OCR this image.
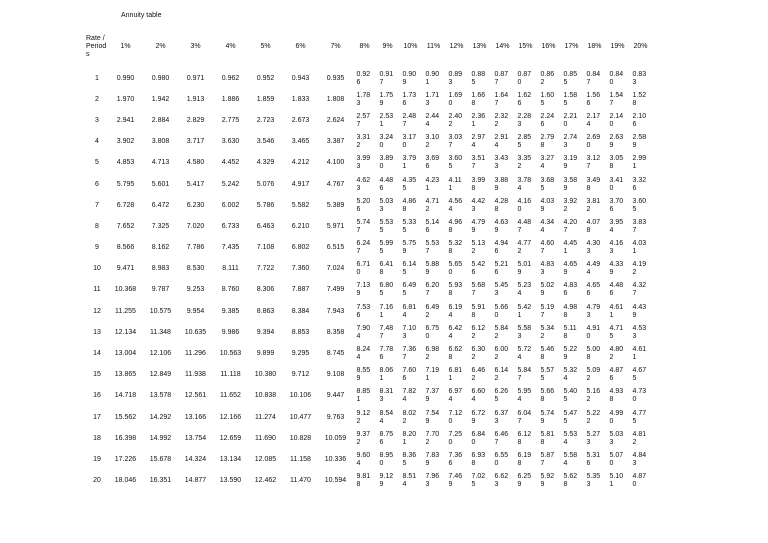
Annuity table
Rate / Period s	1%	2%	3%	4%	5%	6%	7%	8%	9%	10%	11%	12%	13%	14%	15%	16%	17%	18%	19%	20%
1	0.990	0.980	0.971	0.962	0.952	0.943	0.935	0.926	0.917	0.909	0.901	0.893	0.885	0.877	0.870	0.862	0.855	0.847	0.840	0.833

2	1.970	1.942	1.913	1.886	1.859	1.833	1.808	1.783	1.759	1.736	1.713	1.690	1.668	1.647	1.626	1.605	1.585	1.566	1.547	1.528

3	2.941	2.884	2.829	2.775	2.723	2.673	2.624	2.577	2.531	2.487	2.444	2.402	2.361	2.322	2.283	2.246	2.210	2.174	2.140	2.106

4	3.902	3.808	3.717	3.630	3.546	3.465	3.387	3.312	3.240	3.170	3.102	3.037	2.974	2.914	2.855	2.798	2.743	2.690	2.639	2.589

5	4.853	4.713	4.580	4.452	4.329	4.212	4.100	3.993	3.890	3.791	3.696	3.605	3.517	3.433	3.352	3.274	3.199	3.127	3.058	2.991

6	5.795	5.601	5.417	5.242	5.076	4.917	4.767	4.623	4.486	4.355	4.231	4.111	3.998	3.889	3.784	3.685	3.589	3.498	3.410	3.326

7	6.728	6.472	6.230	6.002	5.786	5.582	5.389	5.206	5.033	4.868	4.712	4.564	4.423	4.288	4.160	4.039	3.922	3.812	3.706	3.605

8	7.652	7.325	7.020	6.733	6.463	6.210	5.971	5.747	5.535	5.335	5.146	4.968	4.799	4.639	4.487	4.344	4.207	4.078	3.954	3.837

9	8.566	8.162	7.786	7.435	7.108	6.802	6.515	6.247	5.995	5.759	5.537	5.328	5.132	4.946	4.772	4.607	4.451	4.303	4.163	4.031

10	9.471	8.983	8.530	8.111	7.722	7.360	7.024	6.710	6.418	6.145	5.889	5.650	5.426	5.216	5.019	4.833	4.659	4.494	4.339	4.192

11	10.368	9.787	9.253	8.760	8.306	7.887	7.499	7.139	6.805	6.495	6.207	5.938	5.687	5.453	5.234	5.029	4.836	4.656	4.486	4.327

12	11.255	10.575	9.954	9.385	8.863	8.384	7.943	7.536	7.161	6.814	6.492	6.194	5.918	5.660	5.421	5.197	4.988	4.793	4.611	4.439

13	12.134	11.348	10.635	9.986	9.394	8.853	8.358	7.904	7.487	7.103	6.750	6.424	6.122	5.842	5.583	5.342	5.118	4.910	4.715	4.533

14	13.004	12.106	11.296	10.563	9.899	9.295	8.745	8.244	7.786	7.367	6.982	6.628	6.302	6.002	5.724	5.468	5.229	5.008	4.802	4.611

15	13.865	12.849	11.938	11.118	10.380	9.712	9.108	8.559	8.061	7.606	7.191	6.811	6.462	6.142	5.847	5.575	5.324	5.092	4.876	4.675

16	14.718	13.578	12.561	11.652	10.838	10.106	9.447	8.851	8.313	7.824	7.379	6.974	6.604	6.265	5.954	5.668	5.405	5.162	4.938	4.730

17	15.562	14.292	13.166	12.166	11.274	10.477	9.763	9.122	8.544	8.022	7.549	7.120	6.729	6.373	6.047	5.749	5.475	5.222	4.990	4.775

18	16.398	14.992	13.754	12.659	11.690	10.828	10.059	9.372	8.756	8.201	7.702	7.250	6.840	6.467	6.128	5.818	5.534	5.273	5.033	4.812

19	17.226	15.678	14.324	13.134	12.085	11.158	10.336	9.604	8.950	8.365	7.839	7.366	6.938	6.550	6.198	5.877	5.584	5.316	5.070	4.843

20	18.046	16.351	14.877	13.590	12.462	11.470	10.594	9.818	9.129	8.514	7.963	7.469	7.025	6.623	6.259	5.929	5.628	5.353	5.101	4.870
